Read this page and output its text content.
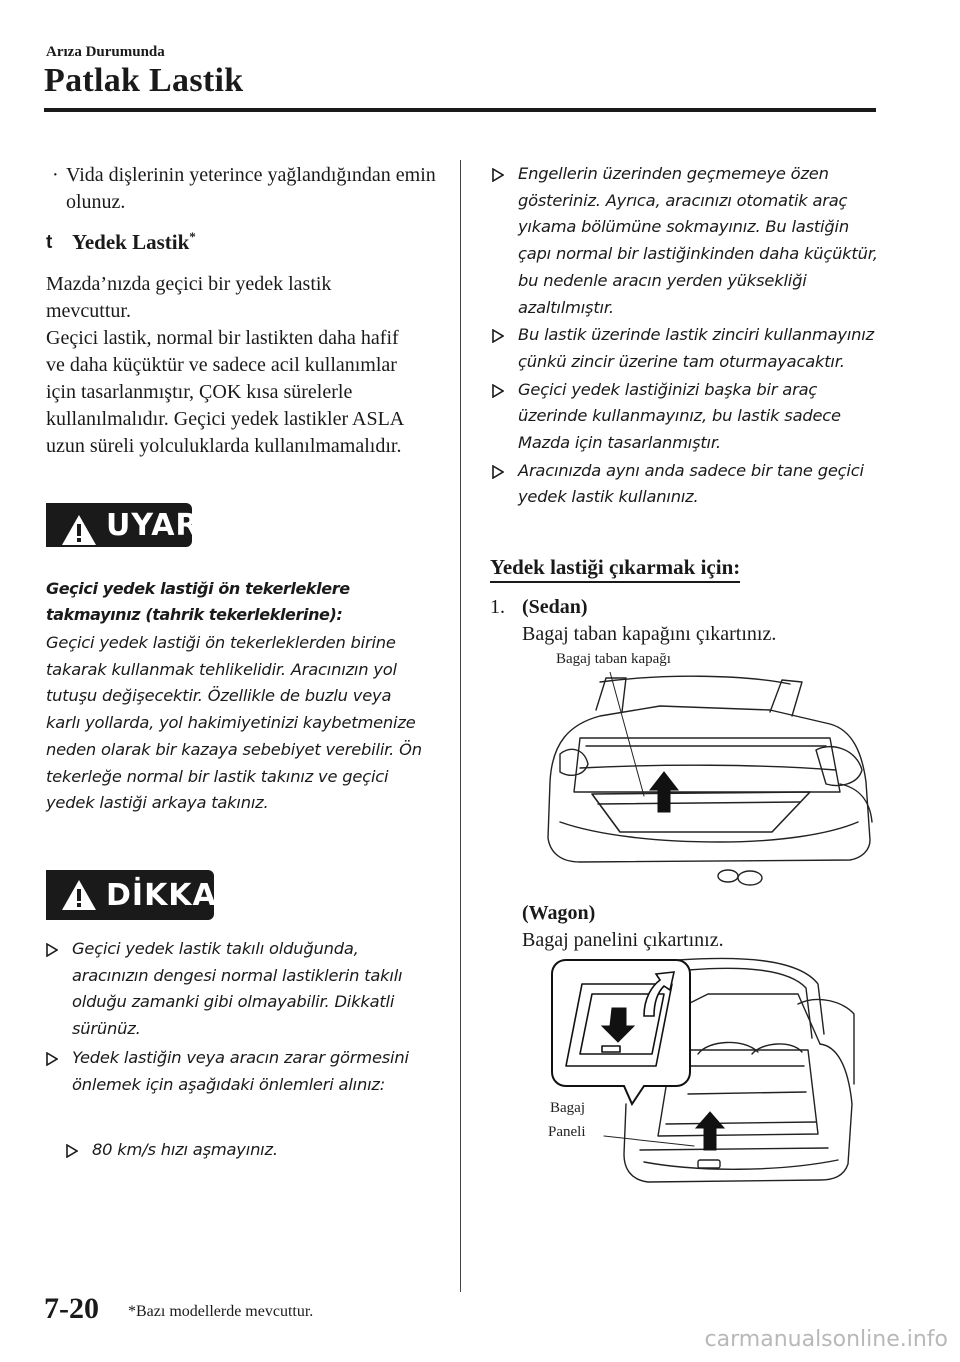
Arıza Durumunda
Patlak Lastik
· Vida dişlerinin yeterince yağlandığından emin olunuz.
t Yedek Lastik*
Mazda’nızda geçici bir yedek lastik mevcuttur.
Geçici lastik, normal bir lastikten daha hafif ve daha küçüktür ve sadece acil kullanımlar için tasarlanmıştır, ÇOK kısa sürelerle kullanılmalıdır. Geçici yedek lastikler ASLA uzun süreli yolculuklarda kullanılmamalıdır.
UYARI
Geçici yedek lastiği ön tekerleklere takmayınız (tahrik tekerleklerine):
Geçici yedek lastiği ön tekerleklerden birine takarak kullanmak tehlikelidir. Aracınızın yol tutuşu değişecektir. Özellikle de buzlu veya karlı yollarda, yol hakimiyetinizi kaybetmenize neden olarak bir kazaya sebebiyet verebilir. Ön tekerleğe normal bir lastik takınız ve geçici yedek lastiği arkaya takınız.
DİKKAT
Geçici yedek lastik takılı olduğunda, aracınızın dengesi normal lastiklerin takılı olduğu zamanki gibi olmayabilir. Dikkatli sürünüz.
Yedek lastiğin veya aracın zarar görmesini önlemek için aşağıdaki önlemleri alınız:
80 km/s hızı aşmayınız.
Engellerin üzerinden geçmemeye özen gösteriniz. Ayrıca, aracınızı otomatik araç yıkama bölümüne sokmayınız. Bu lastiğin çapı normal bir lastiğinkinden daha küçüktür, bu nedenle aracın yerden yüksekliği azaltılmıştır.
Bu lastik üzerinde lastik zinciri kullanmayınız çünkü zincir üzerine tam oturmayacaktır.
Geçici yedek lastiğinizi başka bir araç üzerinde kullanmayınız, bu lastik sadece Mazda için tasarlanmıştır.
Aracınızda aynı anda sadece bir tane geçici yedek lastik kullanınız.
Yedek lastiği çıkarmak için:
1. (Sedan)
Bagaj taban kapağını çıkartınız.
Bagaj taban kapağı
(Wagon)
Bagaj panelini çıkartınız.
Bagaj
Paneli
7-20 *Bazı modellerde mevcuttur.
carmanualsonline.info
